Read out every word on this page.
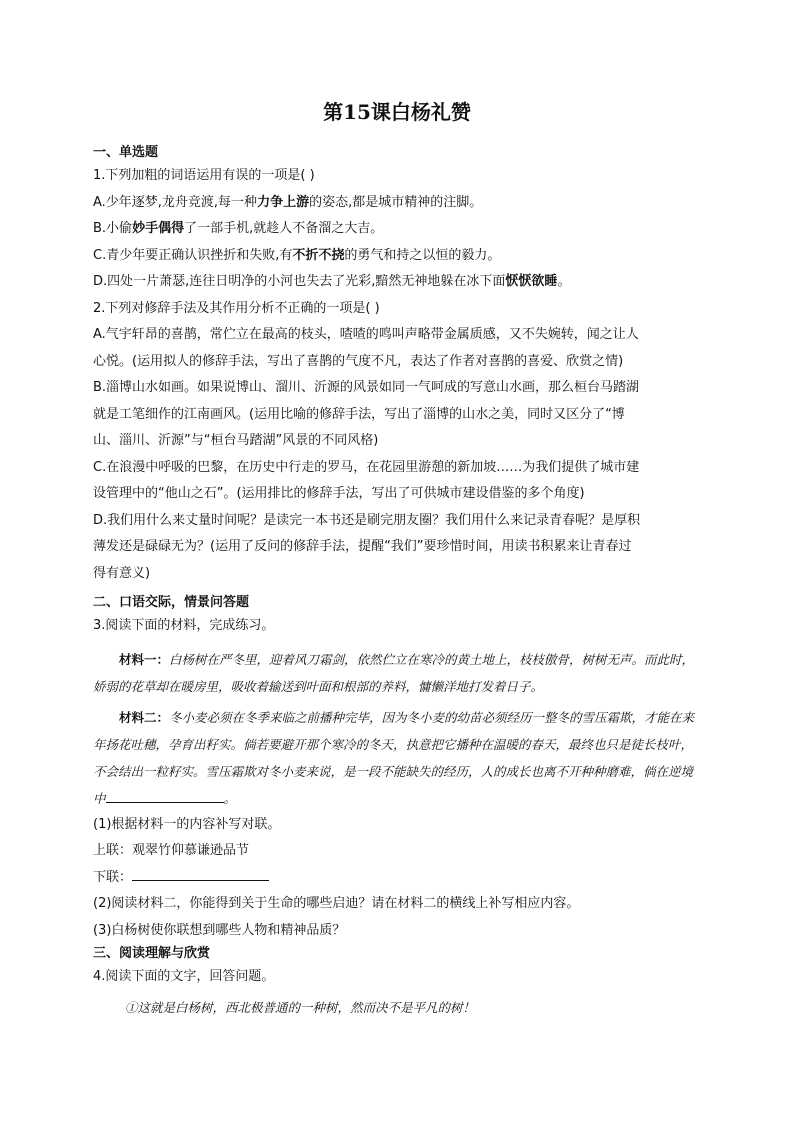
第15课白杨礼赞
一、单选题

1.下列加粗的词语运用有误的一项是( )

A.少年逐梦,龙舟竞渡,每一种力争上游的姿态,都是城市精神的注脚。

B.小偷妙手偶得了一部手机,就趁人不备溜之大吉。

C.青少年要正确认识挫折和失败,有不折不挠的勇气和持之以恒的毅力。

D.四处一片萧瑟,连往日明净的小河也失去了光彩,黯然无神地躲在冰下面恹恹欲睡。

2.下列对修辞手法及其作用分析不正确的一项是( )

A.气宇轩昂的喜鹊，常伫立在最高的枝头，喳喳的鸣叫声略带金属质感，又不失婉转，闻之让人

心悦。(运用拟人的修辞手法，写出了喜鹊的气度不凡，表达了作者对喜鹊的喜爱、欣赏之情)

B.淄博山水如画。如果说博山、溜川、沂源的风景如同一气呵成的写意山水画，那么桓台马踏湖

就是工笔细作的江南画风。(运用比喻的修辞手法，写出了淄博的山水之美，同时又区分了“博

山、淄川、沂源”与“桓台马踏湖”风景的不同风格)

C.在浪漫中呼吸的巴黎，在历史中行走的罗马，在花园里游憩的新加坡……为我们提供了城市建

设管理中的“他山之石”。(运用排比的修辞手法，写出了可供城市建设借鉴的多个角度)

D.我们用什么来丈量时间呢？是读完一本书还是刷完朋友圈？我们用什么来记录青春呢？是厚积

薄发还是碌碌无为？(运用了反问的修辞手法，提醒“我们”要珍惜时间，用读书积累来让青春过

得有意义)

二、口语交际，情景问答题

3.阅读下面的材料，完成练习。

材料一：白杨树在严冬里，迎着风刀霜剑，依然伫立在寒冷的黄土地上，枝枝傲骨，树树无声。而此时，娇弱的花草却在暖房里，吸收着输送到叶面和根部的养料，慵懒洋地打发着日子。

材料二：冬小麦必须在冬季来临之前播种完毕，因为冬小麦的幼苗必须经历一整冬的雪压霜欺，才能在来年扬花吐穗，孕育出籽实。倘若要避开那个寒冷的冬天，执意把它播种在温暖的春天，最终也只是徒长枝叶，不会结出一粒籽实。雪压霜欺对冬小麦来说，是一段不能缺失的经历，人的成长也离不开种种磨难，倘在逆境中	。

(1)根据材料一的内容补写对联。

上联：观翠竹仰慕谦逊品节

下联：

(2)阅读材料二，你能得到关于生命的哪些启迪？请在材料二的横线上补写相应内容。

(3)白杨树使你联想到哪些人物和精神品质？

三、阅读理解与欣赏

4.阅读下面的文字，回答问题。

①这就是白杨树，西北极普通的一种树，然而决不是平凡的树！
